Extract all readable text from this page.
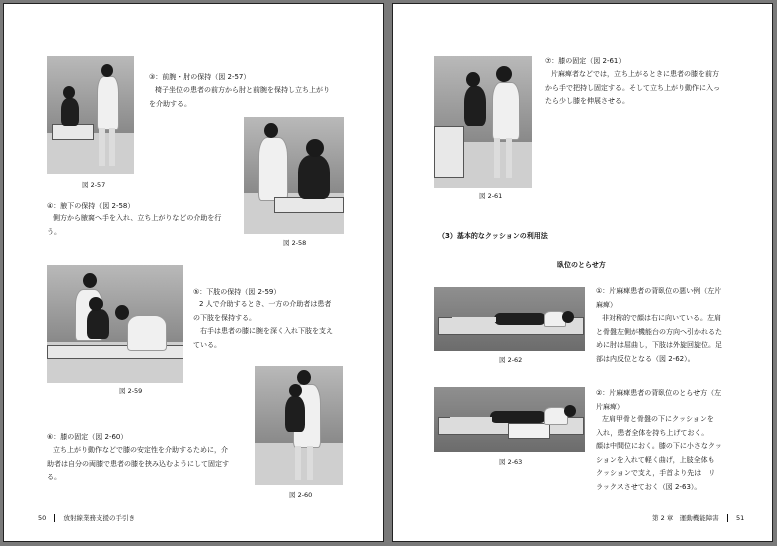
図 2-57
③：前腕・肘の保持（図 2-57）
椅子坐位の患者の前方から肘と前腕を保持し立ち上がり
を介助する。
図 2-58
④：腋下の保持（図 2-58）
側方から腋窩へ手を入れ、立ち上がりなどの介助を行
う。
図 2-59
⑤：下肢の保持（図 2-59）
2 人で介助するとき、一方の介助者は患者
の下肢を保持する。
　右手は患者の膝に腕を深く入れ下肢を支え
ている。
図 2-60
⑥：膝の固定（図 2-60）
立ち上がり動作などで膝の安定性を介助するために，介
助者は自分の両膝で患者の膝を挟み込むようにして固定す
る。
50	放射線業務支援の手引き
図 2-61
⑦：膝の固定（図 2-61）
片麻痺者などでは，立ち上がるときに患者の膝を前方
から手で把持し固定する。そして立ち上がり動作に入っ
たら少し膝を伸展させる。
（3）基本的なクッションの利用法
臥位のとらせ方
図 2-62
①：片麻痺患者の背臥位の悪い例（左片
麻痺）
非対称的で顔は右に向いている。左肩
と骨盤左側が機能台の方向へ引かれるた
めに肘は屈曲し，下肢は外旋回旋位。足
部は内反位となる（図 2-62）。
図 2-63
②：片麻痺患者の背臥位のとらせ方（左
片麻痺）
左肩甲骨と骨盤の下にクッションを
入れ，患者全体を持ち上げておく。
顔は中間位におく。膝の下に小さなクッ
ションを入れて軽く曲げ，上肢全体も
クッションで支え，手首より先は　リ
ラックスさせておく（図 2-63）。
第 2 章　運動機能障害	51
